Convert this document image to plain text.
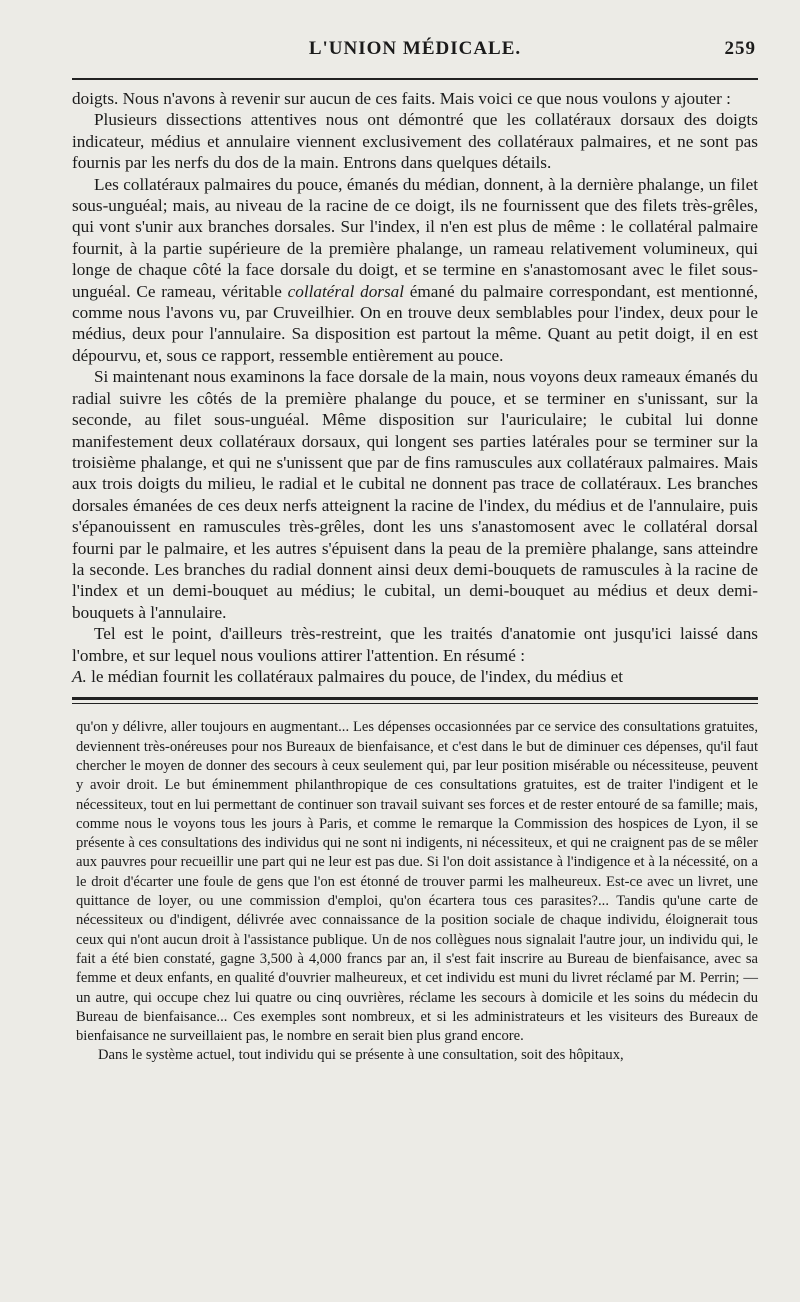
L'UNION MÉDICALE.	259

doigts. Nous n'avons à revenir sur aucun de ces faits. Mais voici ce que nous voulons y ajouter :

Plusieurs dissections attentives nous ont démontré que les collatéraux dorsaux des doigts indicateur, médius et annulaire viennent exclusivement des collatéraux palmaires, et ne sont pas fournis par les nerfs du dos de la main. Entrons dans quelques détails.

Les collatéraux palmaires du pouce, émanés du médian, donnent, à la dernière phalange, un filet sous-unguéal; mais, au niveau de la racine de ce doigt, ils ne fournissent que des filets très-grêles, qui vont s'unir aux branches dorsales. Sur l'index, il n'en est plus de même : le collatéral palmaire fournit, à la partie supérieure de la première phalange, un rameau relativement volumineux, qui longe de chaque côté la face dorsale du doigt, et se termine en s'anastomosant avec le filet sous-unguéal. Ce rameau, véritable collatéral dorsal émané du palmaire correspondant, est mentionné, comme nous l'avons vu, par Cruveilhier. On en trouve deux semblables pour l'index, deux pour le médius, deux pour l'annulaire. Sa disposition est partout la même. Quant au petit doigt, il en est dépourvu, et, sous ce rapport, ressemble entièrement au pouce.

Si maintenant nous examinons la face dorsale de la main, nous voyons deux rameaux émanés du radial suivre les côtés de la première phalange du pouce, et se terminer en s'unissant, sur la seconde, au filet sous-unguéal. Même disposition sur l'auriculaire; le cubital lui donne manifestement deux collatéraux dorsaux, qui longent ses parties latérales pour se terminer sur la troisième phalange, et qui ne s'unissent que par de fins ramuscules aux collatéraux palmaires. Mais aux trois doigts du milieu, le radial et le cubital ne donnent pas trace de collatéraux. Les branches dorsales émanées de ces deux nerfs atteignent la racine de l'index, du médius et de l'annulaire, puis s'épanouissent en ramuscules très-grêles, dont les uns s'anastomosent avec le collatéral dorsal fourni par le palmaire, et les autres s'épuisent dans la peau de la première phalange, sans atteindre la seconde. Les branches du radial donnent ainsi deux demi-bouquets de ramuscules à la racine de l'index et un demi-bouquet au médius; le cubital, un demi-bouquet au médius et deux demi-bouquets à l'annulaire.

Tel est le point, d'ailleurs très-restreint, que les traités d'anatomie ont jusqu'ici laissé dans l'ombre, et sur lequel nous voulions attirer l'attention. En résumé :
A. le médian fournit les collatéraux palmaires du pouce, de l'index, du médius et

qu'on y délivre, aller toujours en augmentant... Les dépenses occasionnées par ce service des consultations gratuites, deviennent très-onéreuses pour nos Bureaux de bienfaisance, et c'est dans le but de diminuer ces dépenses, qu'il faut chercher le moyen de donner des secours à ceux seulement qui, par leur position misérable ou nécessiteuse, peuvent y avoir droit. Le but éminemment philanthropique de ces consultations gratuites, est de traiter l'indigent et le nécessiteux, tout en lui permettant de continuer son travail suivant ses forces et de rester entouré de sa famille; mais, comme nous le voyons tous les jours à Paris, et comme le remarque la Commission des hospices de Lyon, il se présente à ces consultations des individus qui ne sont ni indigents, ni nécessiteux, et qui ne craignent pas de se mêler aux pauvres pour recueillir une part qui ne leur est pas due. Si l'on doit assistance à l'indigence et à la nécessité, on a le droit d'écarter une foule de gens que l'on est étonné de trouver parmi les malheureux. Est-ce avec un livret, une quittance de loyer, ou une commission d'emploi, qu'on écartera tous ces parasites?... Tandis qu'une carte de nécessiteux ou d'indigent, délivrée avec connaissance de la position sociale de chaque individu, éloignerait tous ceux qui n'ont aucun droit à l'assistance publique. Un de nos collègues nous signalait l'autre jour, un individu qui, le fait a été bien constaté, gagne 3,500 à 4,000 francs par an, il s'est fait inscrire au Bureau de bienfaisance, avec sa femme et deux enfants, en qualité d'ouvrier malheureux, et cet individu est muni du livret réclamé par M. Perrin; — un autre, qui occupe chez lui quatre ou cinq ouvrières, réclame les secours à domicile et les soins du médecin du Bureau de bienfaisance... Ces exemples sont nombreux, et si les administrateurs et les visiteurs des Bureaux de bienfaisance ne surveillaient pas, le nombre en serait bien plus grand encore.

Dans le système actuel, tout individu qui se présente à une consultation, soit des hôpitaux,
